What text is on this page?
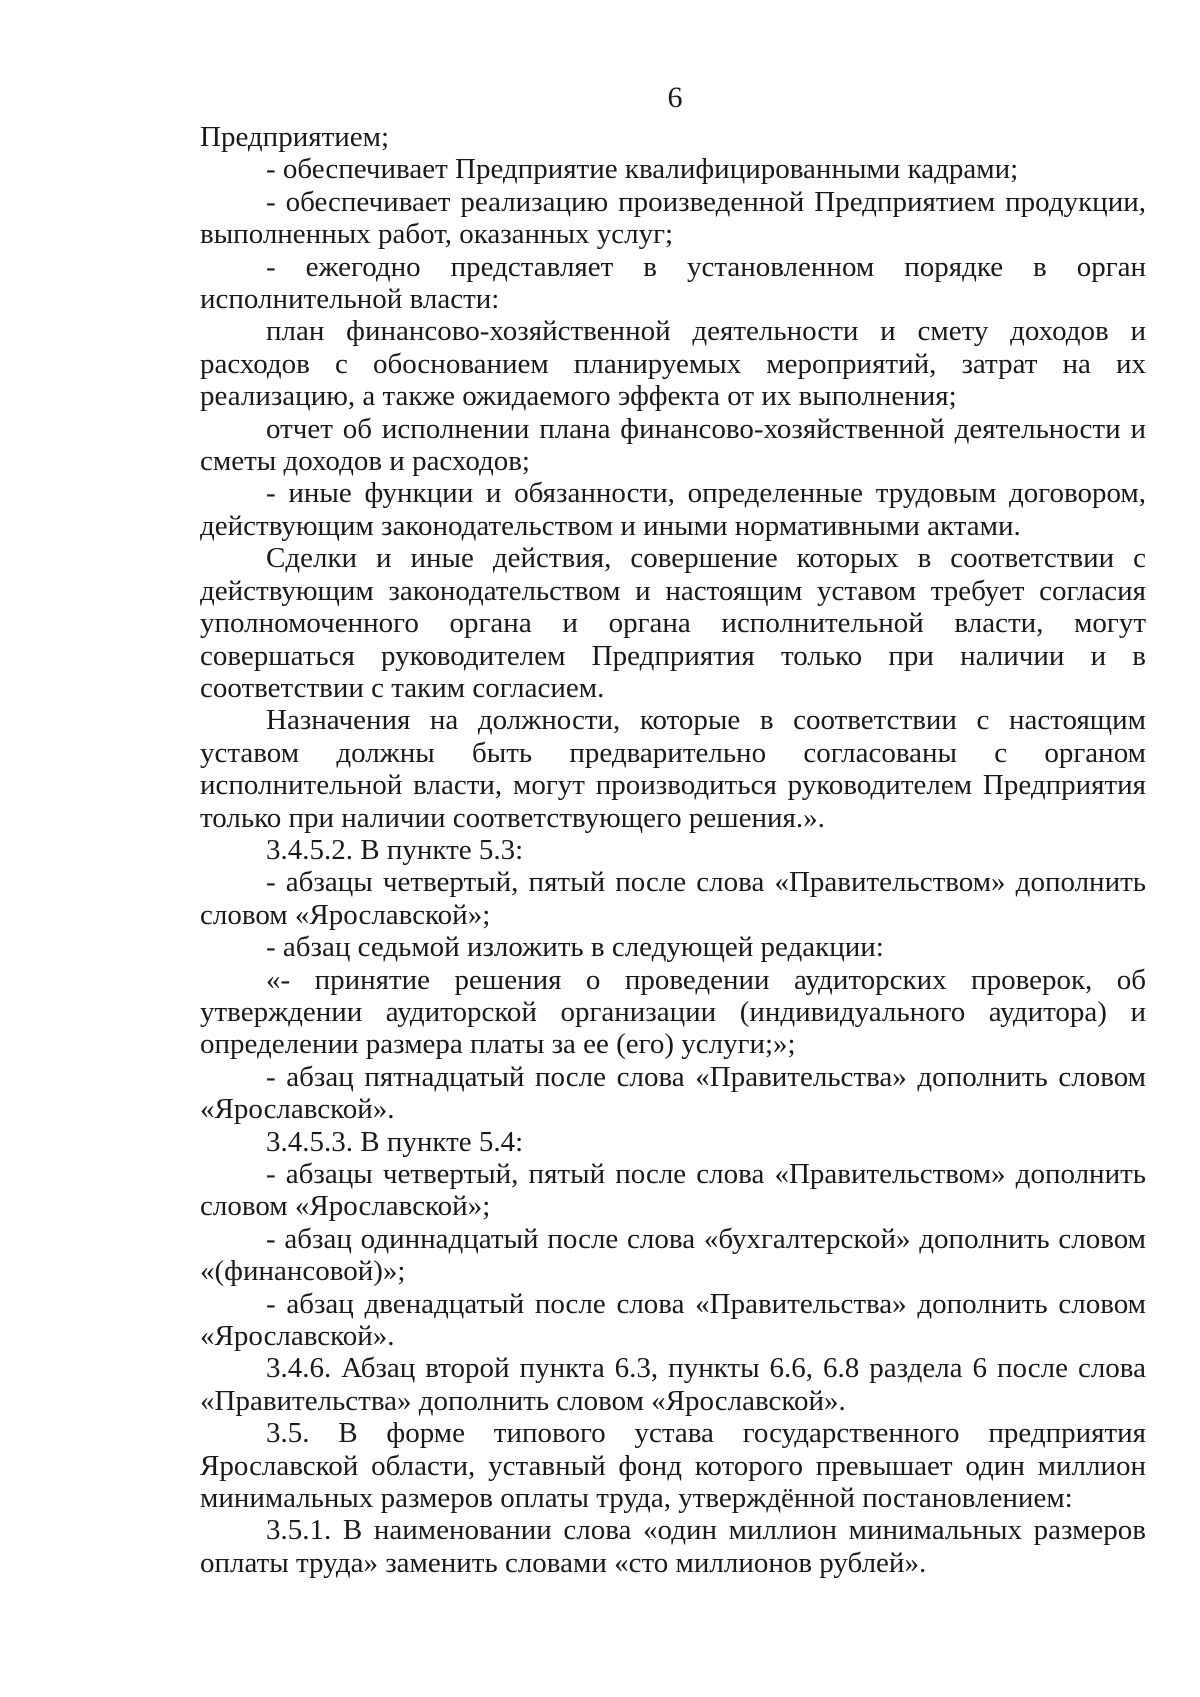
6

Предприятием;

- обеспечивает Предприятие квалифицированными кадрами;

- обеспечивает реализацию произведенной Предприятием продукции, выполненных работ, оказанных услуг;

- ежегодно представляет в установленном порядке в орган исполнительной власти:

план финансово-хозяйственной деятельности и смету доходов и расходов с обоснованием планируемых мероприятий, затрат на их реализацию, а также ожидаемого эффекта от их выполнения;

отчет об исполнении плана финансово-хозяйственной деятельности и сметы доходов и расходов;

- иные функции и обязанности, определенные трудовым договором, действующим законодательством и иными нормативными актами.

Сделки и иные действия, совершение которых в соответствии с действующим законодательством и настоящим уставом требует согласия уполномоченного органа и органа исполнительной власти, могут совершаться руководителем Предприятия только при наличии и в соответствии с таким согласием.

Назначения на должности, которые в соответствии с настоящим уставом должны быть предварительно согласованы с органом исполнительной власти, могут производиться руководителем Предприятия только при наличии соответствующего решения.».

3.4.5.2. В пункте 5.3:

- абзацы четвертый, пятый после слова «Правительством» дополнить словом «Ярославской»;

- абзац седьмой изложить в следующей редакции:

«- принятие решения о проведении аудиторских проверок, об утверждении аудиторской организации (индивидуального аудитора) и определении размера платы за ее (его) услуги;»;

- абзац пятнадцатый после слова «Правительства» дополнить словом «Ярославской».

3.4.5.3. В пункте 5.4:

- абзацы четвертый, пятый после слова «Правительством» дополнить словом «Ярославской»;

- абзац одиннадцатый после слова «бухгалтерской» дополнить словом «(финансовой)»;

- абзац двенадцатый после слова «Правительства» дополнить словом «Ярославской».

3.4.6. Абзац второй пункта 6.3, пункты 6.6, 6.8 раздела 6 после слова «Правительства» дополнить словом «Ярославской».

3.5. В форме типового устава государственного предприятия Ярославской области, уставный фонд которого превышает один миллион минимальных размеров оплаты труда, утверждённой постановлением:

3.5.1. В наименовании слова «один миллион минимальных размеров оплаты труда» заменить словами «сто миллионов рублей».
